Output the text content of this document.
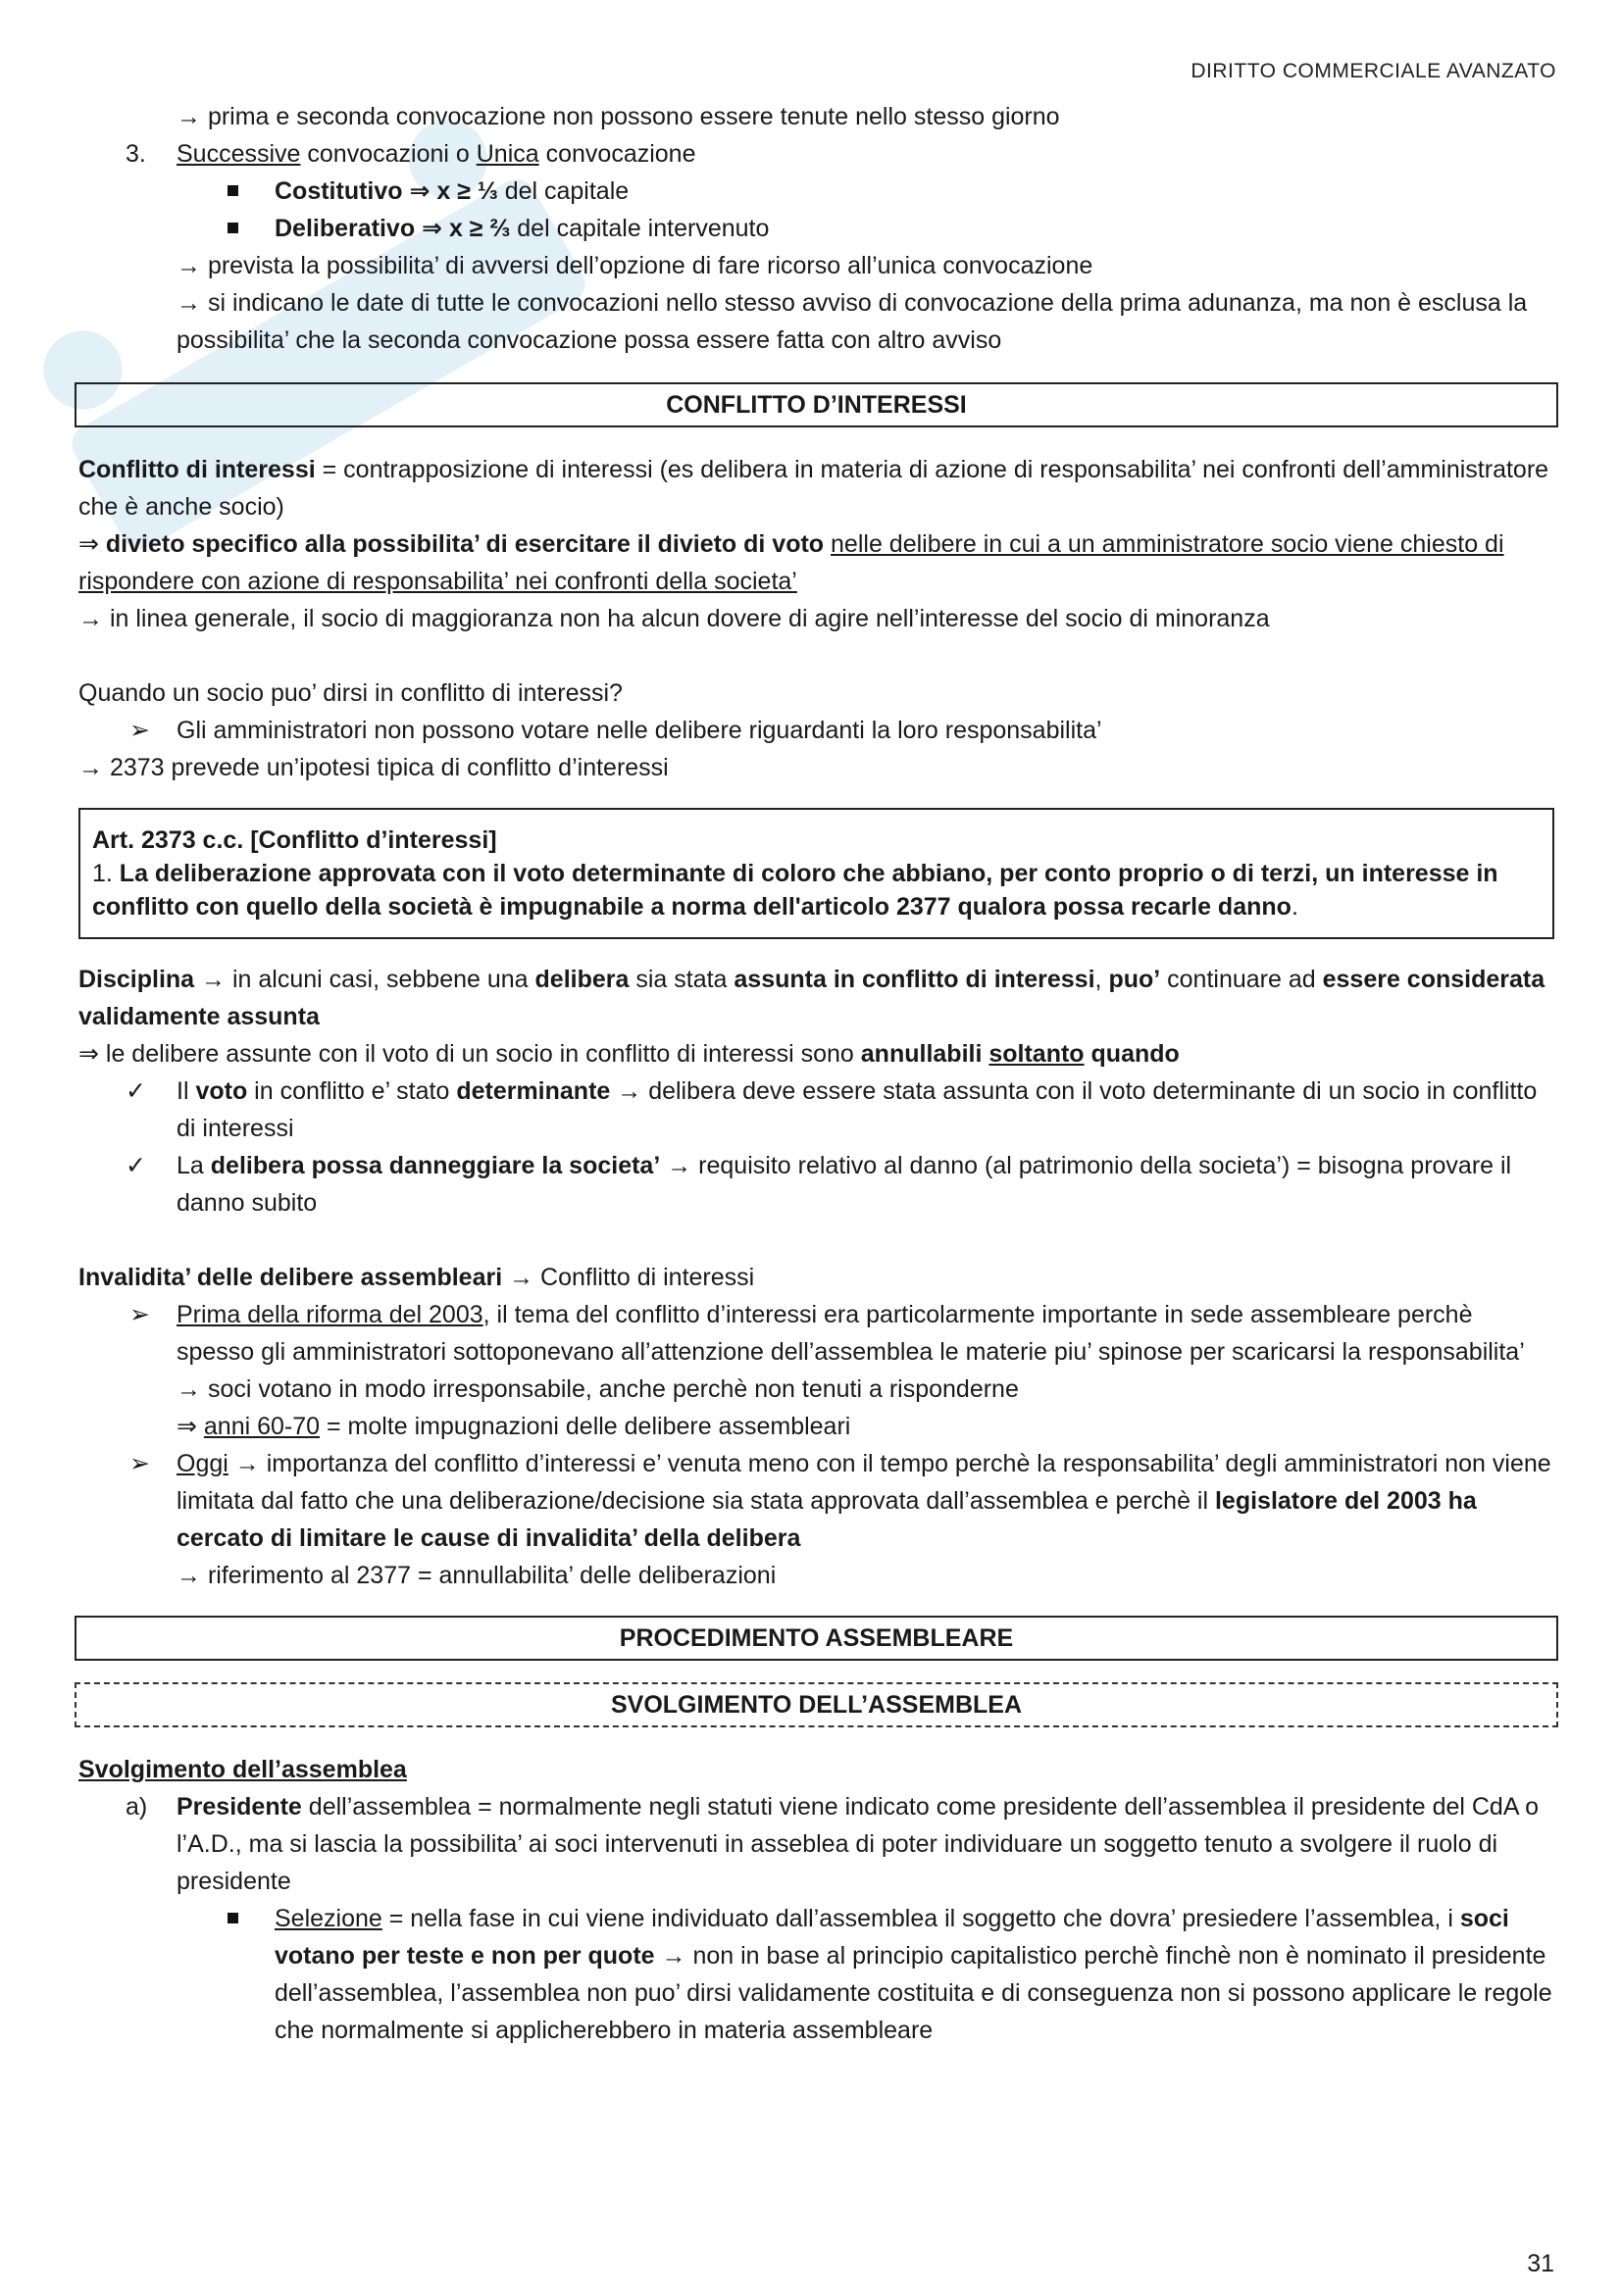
DIRITTO COMMERCIALE AVANZATO
→ prima e seconda convocazione non possono essere tenute nello stesso giorno
3. Successive convocazioni o Unica convocazione
Costitutivo ⇒ x ≥ ⅓ del capitale
Deliberativo ⇒ x ≥ ⅔ del capitale intervenuto
→ prevista la possibilita’ di avversi dell’opzione di fare ricorso all’unica convocazione
→ si indicano le date di tutte le convocazioni nello stesso avviso di convocazione della prima adunanza, ma non è esclusa la possibilita’ che la seconda convocazione possa essere fatta con altro avviso
CONFLITTO D’INTERESSI
Conflitto di interessi = contrapposizione di interessi (es delibera in materia di azione di responsabilita’ nei confronti dell’amministratore che è anche socio)
⇒ divieto specifico alla possibilita’ di esercitare il divieto di voto nelle delibere in cui a un amministratore socio viene chiesto di rispondere con azione di responsabilita’ nei confronti della societa’
→ in linea generale, il socio di maggioranza non ha alcun dovere di agire nell’interesse del socio di minoranza
Quando un socio puo’ dirsi in conflitto di interessi?
➢ Gli amministratori non possono votare nelle delibere riguardanti la loro responsabilita’
→ 2373 prevede un’ipotesi tipica di conflitto d’interessi
Art. 2373 c.c. [Conflitto d’interessi]
1. La deliberazione approvata con il voto determinante di coloro che abbiano, per conto proprio o di terzi, un interesse in conflitto con quello della società è impugnabile a norma dell'articolo 2377 qualora possa recarle danno.
Disciplina → in alcuni casi, sebbene una delibera sia stata assunta in conflitto di interessi, puo’ continuare ad essere considerata validamente assunta
⇒ le delibere assunte con il voto di un socio in conflitto di interessi sono annullabili soltanto quando
✓ Il voto in conflitto e’ stato determinante → delibera deve essere stata assunta con il voto determinante di un socio in conflitto di interessi
✓ La delibera possa danneggiare la societa’ → requisito relativo al danno (al patrimonio della societa’) = bisogna provare il danno subito
Invalidita’ delle delibere assembleari → Conflitto di interessi
➢ Prima della riforma del 2003, il tema del conflitto d’interessi era particolarmente importante in sede assembleare perchè spesso gli amministratori sottoponevano all’attenzione dell’assemblea le materie piu’ spinose per scaricarsi la responsabilita’ → soci votano in modo irresponsabile, anche perchè non tenuti a risponderne
⇒ anni 60-70 = molte impugnazioni delle delibere assembleari
➢ Oggi → importanza del conflitto d’interessi e’ venuta meno con il tempo perchè la responsabilita’ degli amministratori non viene limitata dal fatto che una deliberazione/decisione sia stata approvata dall’assemblea e perchè il legislatore del 2003 ha cercato di limitare le cause di invalidita’ della delibera
→ riferimento al 2377 = annullabilita’ delle deliberazioni
PROCEDIMENTO ASSEMBLEARE
SVOLGIMENTO DELL’ASSEMBLEA
Svolgimento dell’assemblea
a) Presidente dell’assemblea = normalmente negli statuti viene indicato come presidente dell’assemblea il presidente del CdA o l’A.D., ma si lascia la possibilita’ ai soci intervenuti in asseblea di poter individuare un soggetto tenuto a svolgere il ruolo di presidente
Selezione = nella fase in cui viene individuato dall’assemblea il soggetto che dovra’ presiedere l’assemblea, i soci votano per teste e non per quote → non in base al principio capitalistico perchè finchè non è nominato il presidente dell’assemblea, l’assemblea non puo’ dirsi validamente costituita e di conseguenza non si possono applicare le regole che normalmente si applicherebbero in materia assembleare
31
